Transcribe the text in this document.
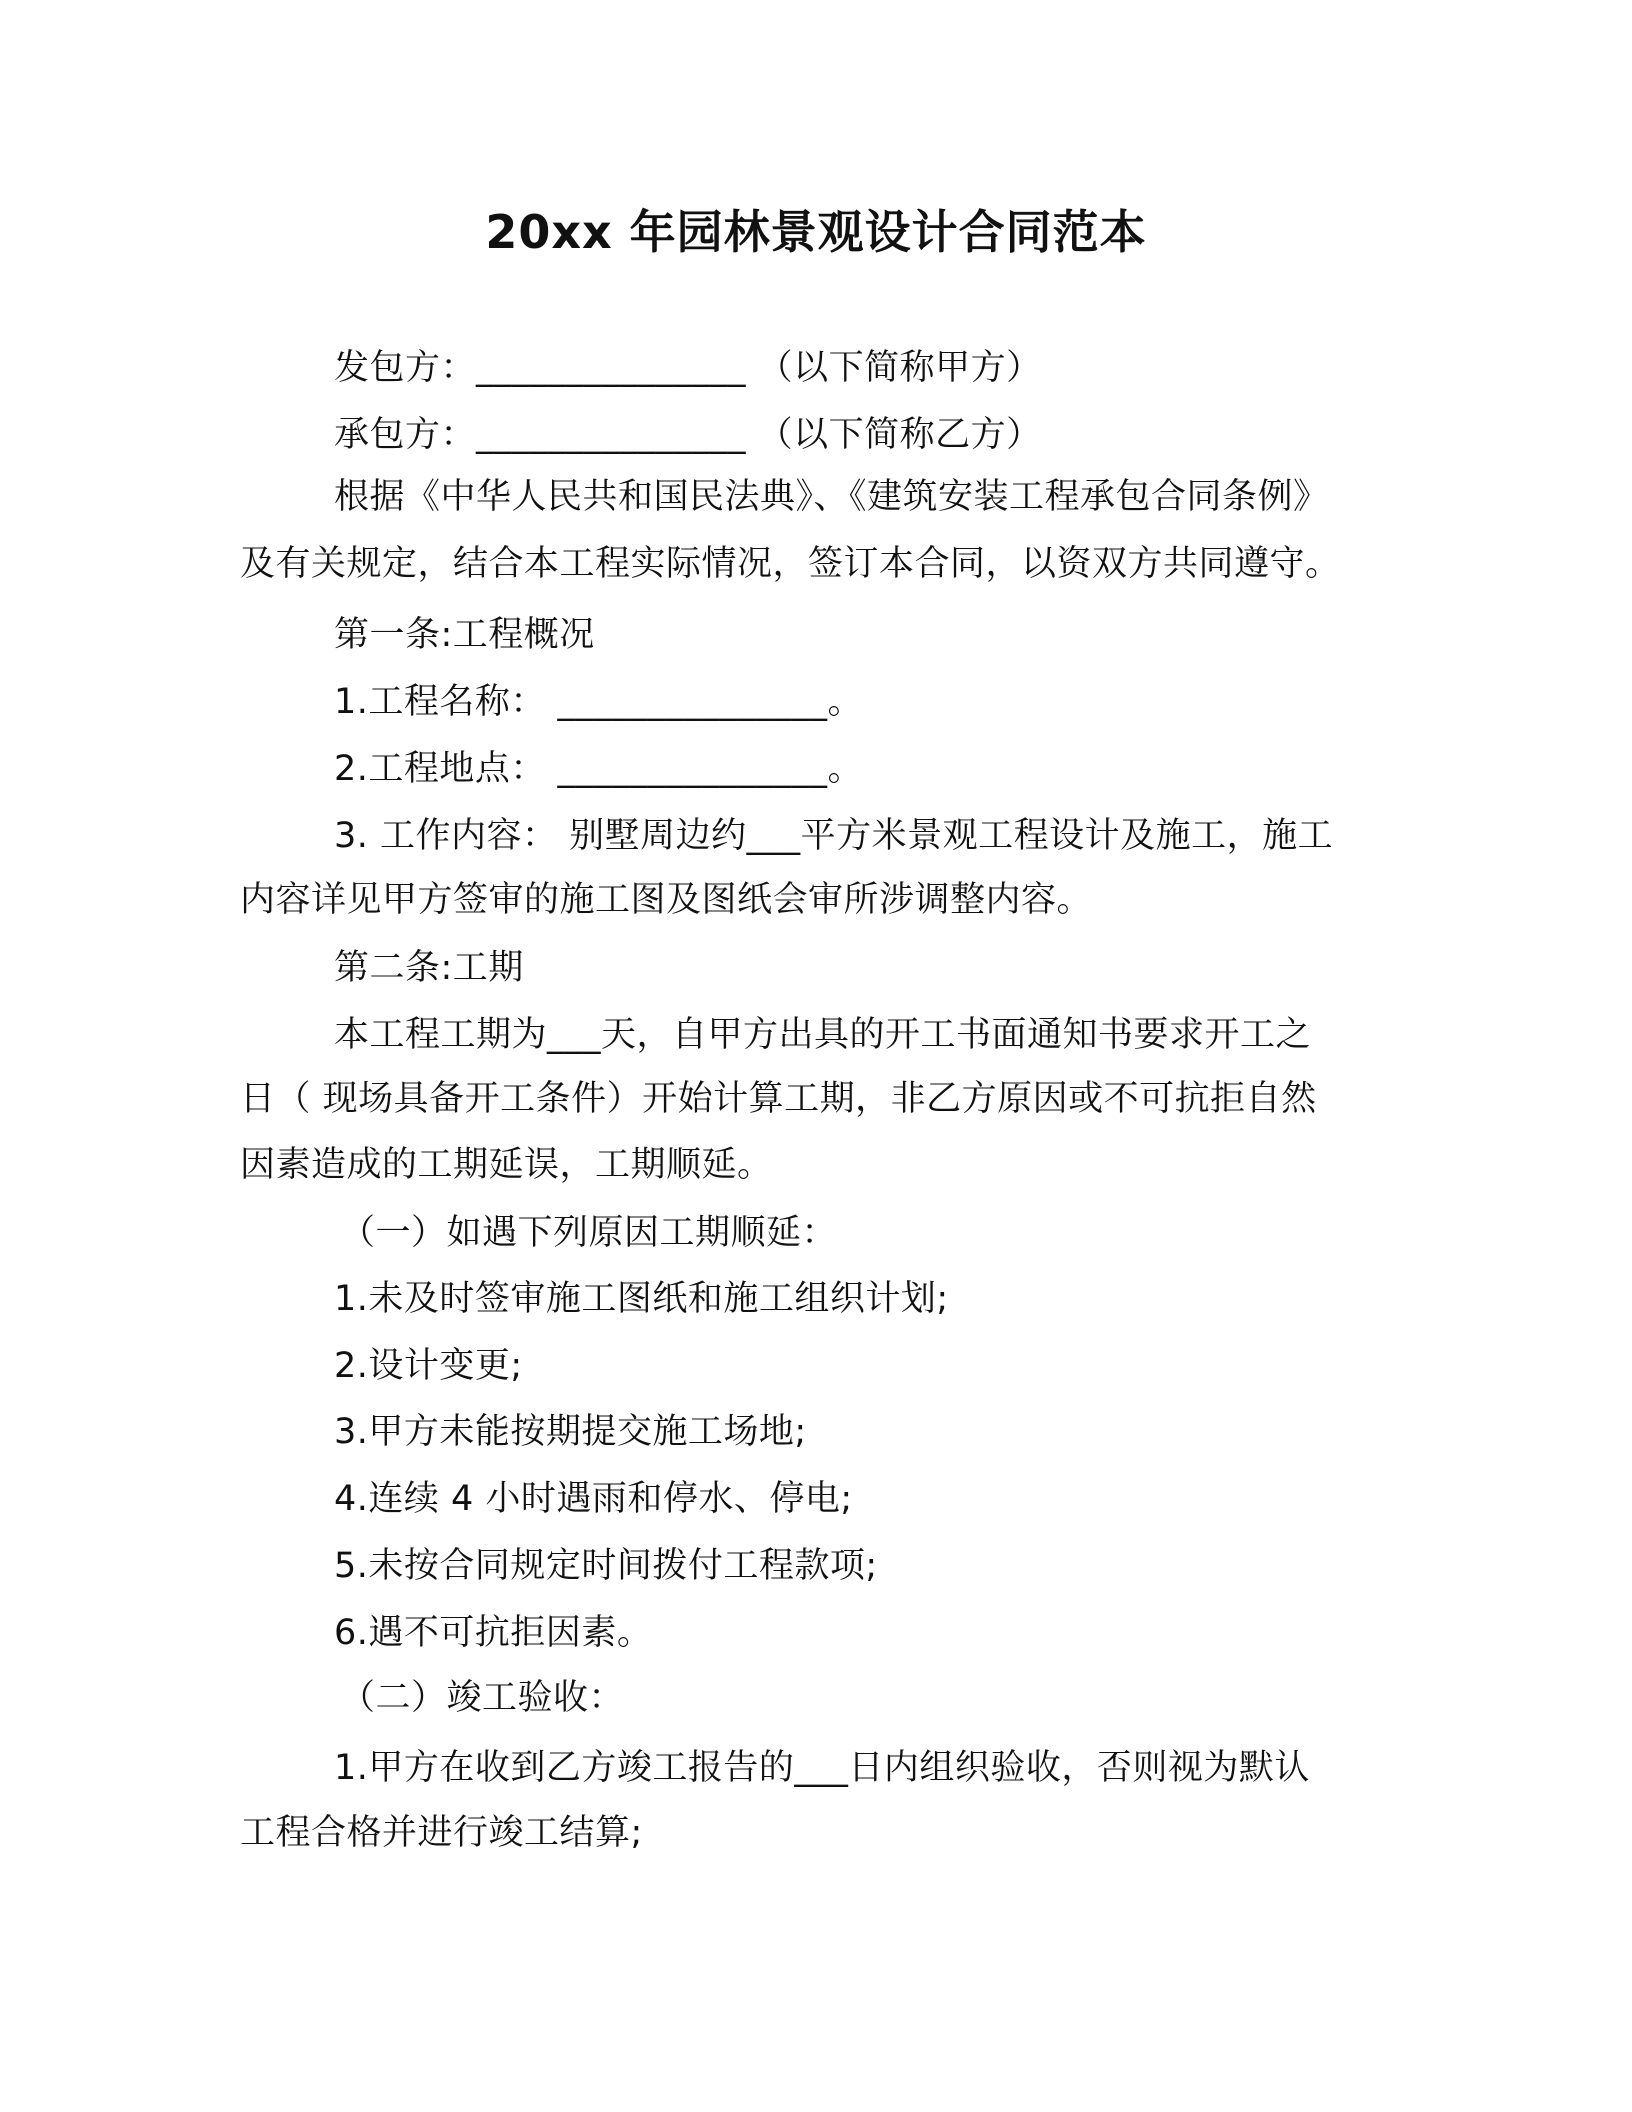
20xx 年园林景观设计合同范本
发包方：_______________ （以下简称甲方）
承包方：_______________ （以下简称乙方）
根据《中华人民共和国民法典》、《建筑安装工程承包合同条例》
及有关规定，结合本工程实际情况，签订本合同，以资双方共同遵守。
第一条:工程概况
1.工程名称： _______________。
2.工程地点： _______________。
3. 工作内容： 别墅周边约___平方米景观工程设计及施工，施工
内容详见甲方签审的施工图及图纸会审所涉调整内容。
第二条:工期
本工程工期为___天，自甲方出具的开工书面通知书要求开工之
日（ 现场具备开工条件）开始计算工期，非乙方原因或不可抗拒自然
因素造成的工期延误，工期顺延。
（一）如遇下列原因工期顺延：
1.未及时签审施工图纸和施工组织计划;
2.设计变更;
3.甲方未能按期提交施工场地;
4.连续 4 小时遇雨和停水、停电;
5.未按合同规定时间拨付工程款项;
6.遇不可抗拒因素。
（二）竣工验收：
1.甲方在收到乙方竣工报告的___日内组织验收，否则视为默认
工程合格并进行竣工结算;
